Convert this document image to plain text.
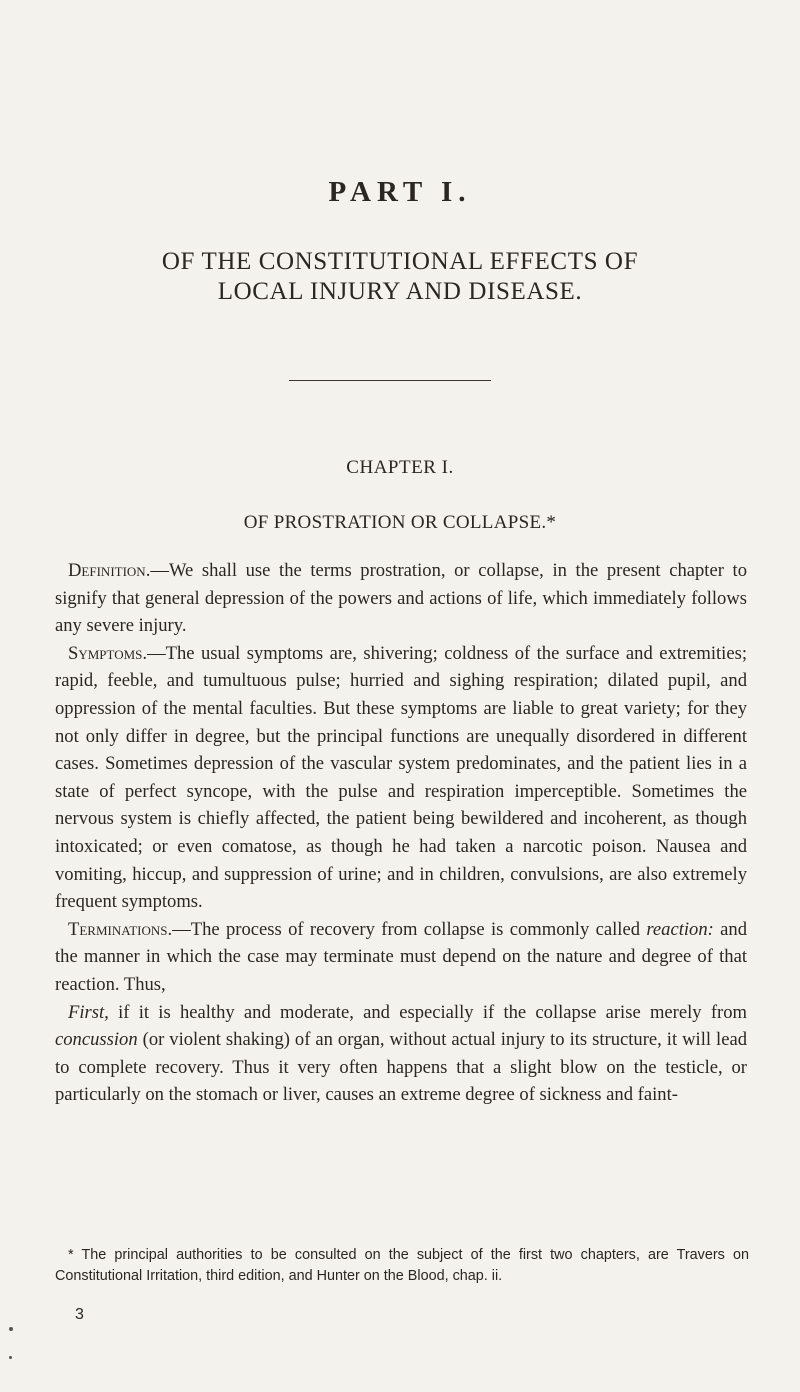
PART I.
OF THE CONSTITUTIONAL EFFECTS OF
LOCAL INJURY AND DISEASE.
CHAPTER I.
OF PROSTRATION OR COLLAPSE.*

Definition.—We shall use the terms prostration, or collapse, in the present chapter to signify that general depression of the powers and actions of life, which immediately follows any severe injury.

Symptoms.—The usual symptoms are, shivering; coldness of the surface and extremities; rapid, feeble, and tumultuous pulse; hurried and sighing respiration; dilated pupil, and oppression of the mental faculties. But these symptoms are liable to great variety; for they not only differ in degree, but the principal functions are unequally disordered in different cases. Sometimes depression of the vascular system predominates, and the patient lies in a state of perfect syncope, with the pulse and respiration imperceptible. Sometimes the nervous system is chiefly affected, the patient being bewildered and incoherent, as though intoxicated; or even comatose, as though he had taken a narcotic poison. Nausea and vomiting, hiccup, and suppression of urine; and in children, convulsions, are also extremely frequent symptoms.

Terminations.—The process of recovery from collapse is commonly called reaction: and the manner in which the case may terminate must depend on the nature and degree of that reaction. Thus,

First, if it is healthy and moderate, and especially if the collapse arise merely from concussion (or violent shaking) of an organ, without actual injury to its structure, it will lead to complete recovery. Thus it very often happens that a slight blow on the testicle, or particularly on the stomach or liver, causes an extreme degree of sickness and faint-

* The principal authorities to be consulted on the subject of the first two chapters, are Travers on Constitutional Irritation, third edition, and Hunter on the Blood, chap. ii.

3
